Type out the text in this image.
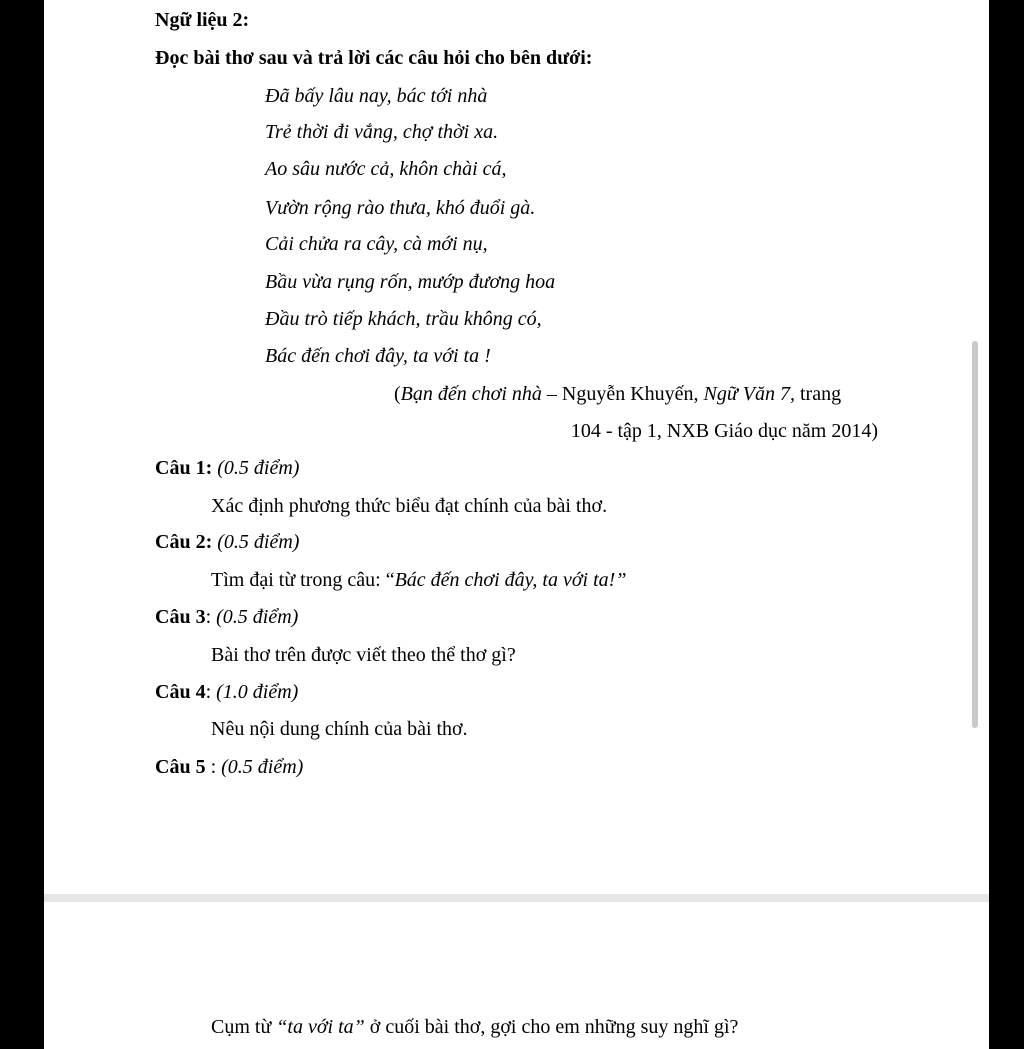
Ngữ liệu 2:
Đọc bài thơ sau và trả lời các câu hỏi cho bên dưới:
Đã bấy lâu nay, bác tới nhà
Trẻ thời đi vắng, chợ thời xa.
Ao sâu nước cả, khôn chài cá,
Vườn rộng rào thưa, khó đuổi gà.
Cải chửa ra cây, cà mới nụ,
Bầu vừa rụng rốn, mướp đương hoa
Đầu trò tiếp khách, trầu không có,
Bác đến chơi đây, ta với ta !
(Bạn đến chơi nhà – Nguyễn Khuyến, Ngữ Văn 7, trang
104 - tập 1, NXB Giáo dục năm 2014)
Câu 1: (0.5 điểm)
Xác định phương thức biểu đạt chính của bài thơ.
Câu 2: (0.5 điểm)
Tìm đại từ trong câu: “Bác đến chơi đây, ta với ta!”
Câu 3: (0.5 điểm)
Bài thơ trên được viết theo thể thơ gì?
Câu 4: (1.0 điểm)
Nêu nội dung chính của bài thơ.
Câu 5 : (0.5 điểm)
Cụm từ “ta với ta” ở cuối bài thơ, gợi cho em những suy nghĩ gì?
